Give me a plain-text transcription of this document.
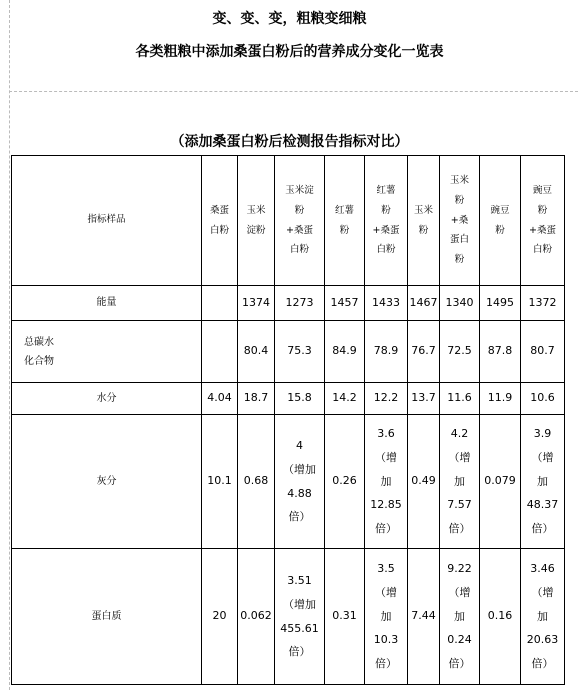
变、变、变，粗粮变细粮
各类粗粮中添加桑蛋白粉后的营养成分变化一览表
（添加桑蛋白粉后检测报告指标对比）
指标样品	桑蛋
白粉	玉米
淀粉	玉米淀
粉
+桑蛋
白粉	红薯
粉	红薯
粉
+桑蛋
白粉	玉米
粉	玉米
粉
+桑
蛋白
粉	豌豆
粉	豌豆
粉
+桑蛋
白粉

能量		1374	1273	1457	1433	1467	1340	1495	1372

总碳水
化合物		80.4	75.3	84.9	78.9	76.7	72.5	87.8	80.7
水分	4.04	18.7	15.8	14.2	12.2	13.7	11.6	11.9	10.6
灰分	10.1	0.68	4
（增加
4.88
倍）	0.26	3.6
（增
加
12.85
倍）	0.49	4.2
（增
加
7.57
倍）	0.079	3.9
（增
加
48.37
倍）

蛋白质	20	0.062	3.51
（增加
455.61
倍）	0.31	3.5
（增
加
10.3
倍）	7.44	9.22
（增
加
0.24
倍）	0.16	3.46
（增
加
20.63
倍）
